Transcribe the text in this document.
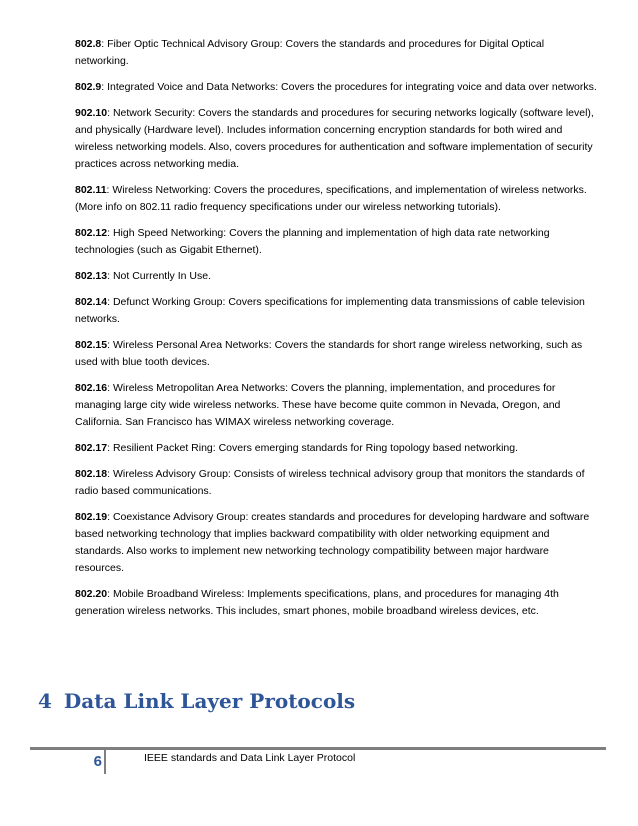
802.8: Fiber Optic Technical Advisory Group: Covers the standards and procedures for Digital Optical networking.

802.9: Integrated Voice and Data Networks: Covers the procedures for integrating voice and data over networks.

902.10: Network Security: Covers the standards and procedures for securing networks logically (software level), and physically (Hardware level). Includes information concerning encryption standards for both wired and wireless networking models. Also, covers procedures for authentication and software implementation of security practices across networking media.

802.11: Wireless Networking: Covers the procedures, specifications, and implementation of wireless networks. (More info on 802.11 radio frequency specifications under our wireless networking tutorials).

802.12: High Speed Networking: Covers the planning and implementation of high data rate networking technologies (such as Gigabit Ethernet).

802.13: Not Currently In Use.

802.14: Defunct Working Group: Covers specifications for implementing data transmissions of cable television networks.

802.15: Wireless Personal Area Networks: Covers the standards for short range wireless networking, such as used with blue tooth devices.

802.16: Wireless Metropolitan Area Networks: Covers the planning, implementation, and procedures for managing large city wide wireless networks. These have become quite common in Nevada, Oregon, and California. San Francisco has WIMAX wireless networking coverage.

802.17: Resilient Packet Ring: Covers emerging standards for Ring topology based networking.

802.18: Wireless Advisory Group: Consists of wireless technical advisory group that monitors the standards of radio based communications.

802.19: Coexistance Advisory Group: creates standards and procedures for developing hardware and software based networking technology that implies backward compatibility with older networking equipment and standards. Also works to implement new networking technology compatibility between major hardware resources.

802.20: Mobile Broadband Wireless: Implements specifications, plans, and procedures for managing 4th generation wireless networks. This includes, smart phones, mobile broadband wireless devices, etc.

4 Data Link Layer Protocols
6	IEEE standards and Data Link Layer Protocol
